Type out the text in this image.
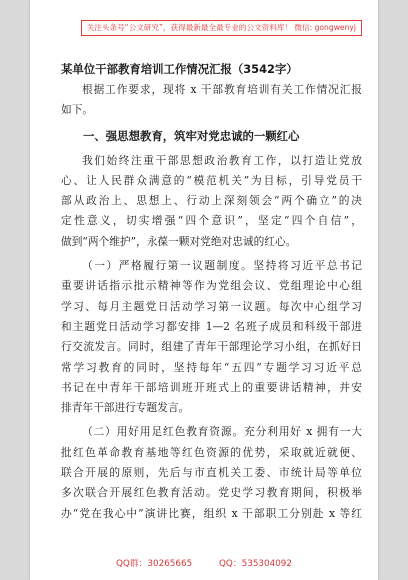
关注头条号“公文研究”，获得最新最全最专业的公文资料库！ 微信: gongwenyj
某单位干部教育培训工作情况汇报（3542字）
根据工作要求，现将 x 干部教育培训有关工作情况汇报
如下。
一、强思想教育，筑牢对党忠诚的一颗红心
我们始终注重干部思想政治教育工作，以打造让党放
心、让人民群众满意的“模范机关”为目标，引导党员干
部从政治上、思想上、行动上深刻领会“两个确立”的决
定性意义，切实增强“四个意识”，坚定“四个自信”，
做到“两个维护”，永葆一颗对党绝对忠诚的红心。
（一）严格履行第一议题制度。坚持将习近平总书记
重要讲话指示批示精神等作为党组会议、党组理论中心组
学习、每月主题党日活动学习第一议题。每次中心组学习
和主题党日活动学习都安排 1—2 名班子成员和科级干部进
行交流发言。同时，组建了青年干部理论学习小组，在抓好日
常学习教育的同时，坚持每年“五四”专题学习习近平总
书记在中青年干部培训班开班式上的重要讲话精神，并安
排青年干部进行专题发言。
（二）用好用足红色教育资源。充分利用好 x 拥有一大
批红色革命教育基地等红色资源的优势，采取就近就便、
联合开展的原则，先后与市直机关工委、市统计局等单位
多次联合开展红色教育活动。党史学习教育期间，积极举
办“党在我心中”演讲比赛，组织 x 干部职工分别赴 x 等红
QQ群：30265665	QQ：535304092
